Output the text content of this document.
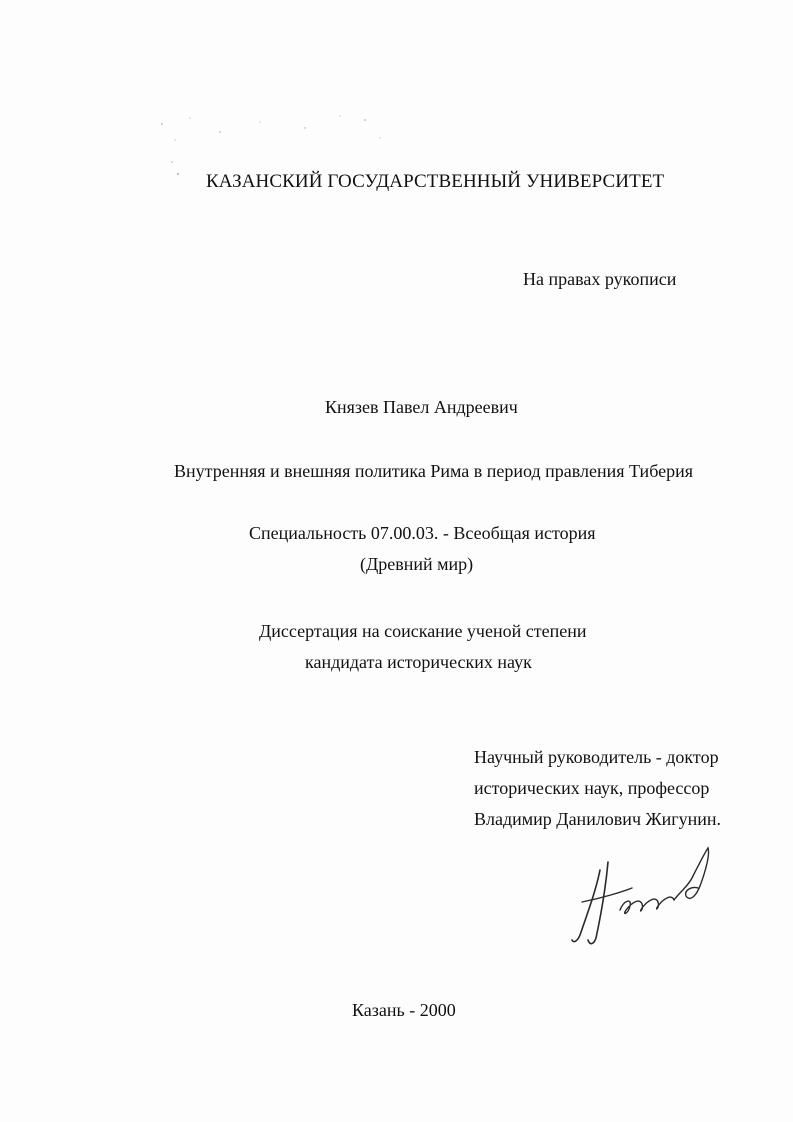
КАЗАНСКИЙ ГОСУДАРСТВЕННЫЙ УНИВЕРСИТЕТ
На правах рукописи
Князев Павел Андреевич
Внутренняя и внешняя политика Рима в период правления Тиберия
Специальность 07.00.03. - Всеобщая история
(Древний мир)
Диссертация на соискание ученой степени
кандидата исторических наук
Научный руководитель - доктор
исторических наук, профессор
Владимир Данилович Жигунин.
Казань - 2000
